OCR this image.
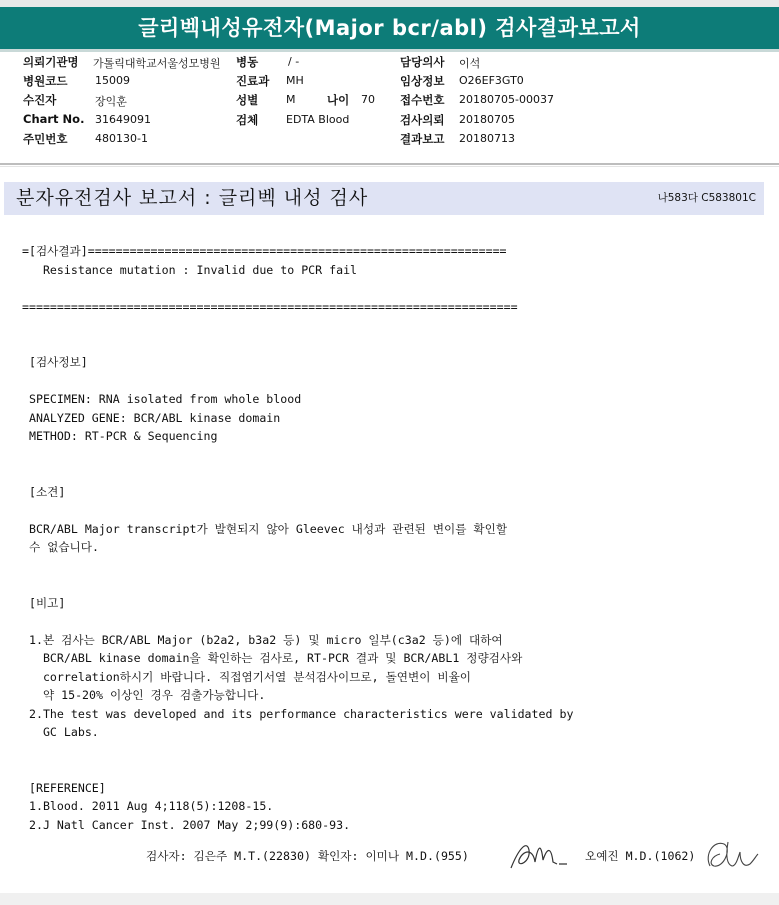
글리벡내성유전자(Major bcr/abl) 검사결과보고서
의뢰기관명 가톨릭대학교서울성모병원
병원코드	15009
수진자	장익훈
Chart No. 31649091
주민번호	480130-1
병동	/ -
진료과 MH
성별	M	나이 70
검체	EDTA Blood
담당의사 이석
임상정보 O26EF3GT0
접수번호 20180705-00037
검사의뢰 20180705
결과보고 20180713
분자유전검사 보고서 : 글리벡 내성 검사	나583다 C583801C
=[검사결과]============================================================
Resistance mutation : Invalid due to PCR fail
=======================================================================
[검사정보]
SPECIMEN: RNA isolated from whole blood
ANALYZED GENE: BCR/ABL kinase domain
METHOD: RT-PCR & Sequencing
[소견]
BCR/ABL Major transcript가 발현되지 않아 Gleevec 내성과 관련된 변이를 확인할
수 없습니다.
[비고]
1.본 검사는 BCR/ABL Major (b2a2, b3a2 등) 및 micro 일부(c3a2 등)에 대하여
BCR/ABL kinase domain을 확인하는 검사로, RT-PCR 결과 및 BCR/ABL1 정량검사와
correlation하시기 바랍니다. 직접염기서열 분석검사이므로, 돌연변이 비율이
약 15-20% 이상인 경우 검출가능합니다.
2.The test was developed and its performance characteristics were validated by
GC Labs.
[REFERENCE]
1.Blood. 2011 Aug 4;118(5):1208-15.
2.J Natl Cancer Inst. 2007 May 2;99(9):680-93.
검사자: 김은주 M.T.(22830) 확인자: 이미나 M.D.(955)	오예진 M.D.(1062)
